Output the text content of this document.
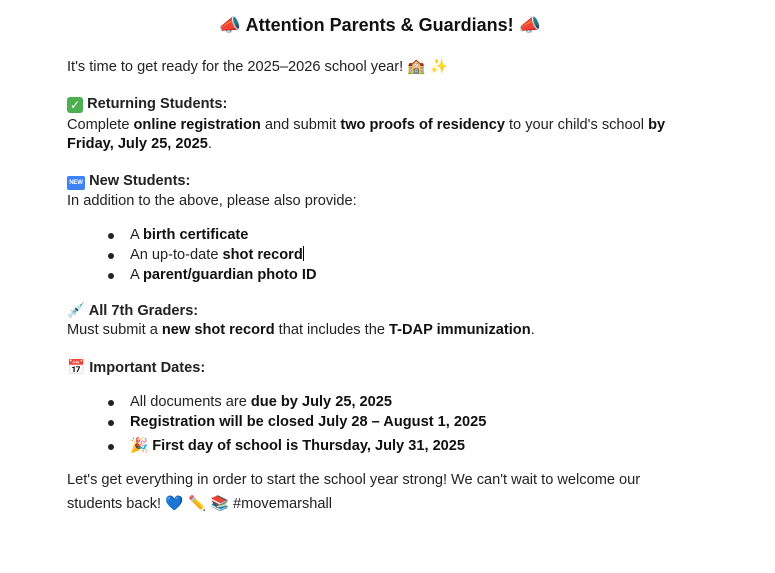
📣 Attention Parents & Guardians! 📣
It's time to get ready for the 2025–2026 school year! 🏫 ✨
✓ Returning Students:
Complete online registration and submit two proofs of residency to your child's school by Friday, July 25, 2025.
NEW New Students:
In addition to the above, please also provide:
A birth certificate
An up-to-date shot record
A parent/guardian photo ID
💉 All 7th Graders:
Must submit a new shot record that includes the T-DAP immunization.
📅 Important Dates:
All documents are due by July 25, 2025
Registration will be closed July 28 – August 1, 2025
🎉 First day of school is Thursday, July 31, 2025
Let's get everything in order to start the school year strong! We can't wait to welcome our students back! 💙 ✏️ 📚 #movemarshall
